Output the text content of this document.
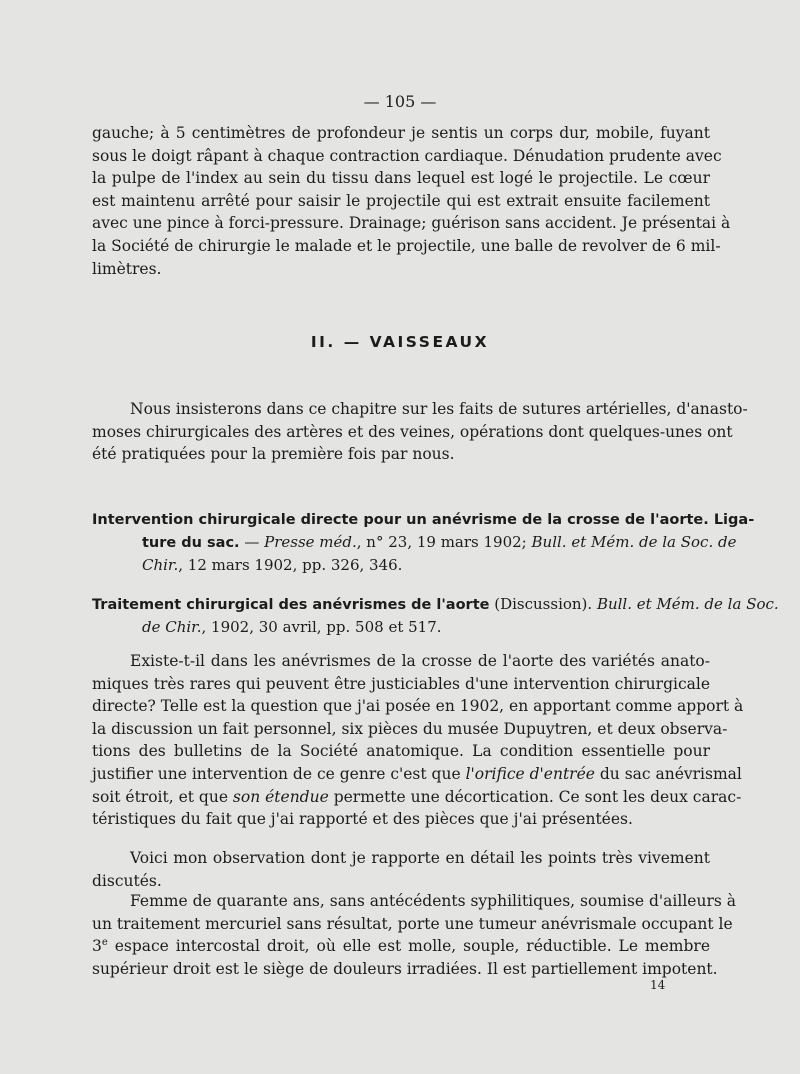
— 105 —
gauche; à 5 centimètres de profondeur je sentis un corps dur, mobile, fuyant
sous le doigt râpant à chaque contraction cardiaque. Dénudation prudente avec
la pulpe de l'index au sein du tissu dans lequel est logé le projectile. Le cœur
est maintenu arrêté pour saisir le projectile qui est extrait ensuite facilement
avec une pince à forci-pressure. Drainage; guérison sans accident. Je présentai à
la Société de chirurgie le malade et le projectile, une balle de revolver de 6 mil-
limètres.
II. — VAISSEAUX
Nous insisterons dans ce chapitre sur les faits de sutures artérielles, d'anasto-
moses chirurgicales des artères et des veines, opérations dont quelques-unes ont
été pratiquées pour la première fois par nous.
Intervention chirurgicale directe pour un anévrisme de la crosse de l'aorte. Liga-
ture du sac. — Presse méd., n° 23, 19 mars 1902; Bull. et Mém. de la Soc. de
Chir., 12 mars 1902, pp. 326, 346.
Traitement chirurgical des anévrismes de l'aorte (Discussion). Bull. et Mém. de la Soc.
de Chir., 1902, 30 avril, pp. 508 et 517.
Existe-t-il dans les anévrismes de la crosse de l'aorte des variétés anato-
miques très rares qui peuvent être justiciables d'une intervention chirurgicale
directe? Telle est la question que j'ai posée en 1902, en apportant comme apport à
la discussion un fait personnel, six pièces du musée Dupuytren, et deux observa-
tions des bulletins de la Société anatomique. La condition essentielle pour
justifier une intervention de ce genre c'est que l'orifice d'entrée du sac anévrismal
soit étroit, et que son étendue permette une décortication. Ce sont les deux carac-
téristiques du fait que j'ai rapporté et des pièces que j'ai présentées.
Voici mon observation dont je rapporte en détail les points très vivement
discutés.
Femme de quarante ans, sans antécédents syphilitiques, soumise d'ailleurs à
un traitement mercuriel sans résultat, porte une tumeur anévrismale occupant le
3e espace intercostal droit, où elle est molle, souple, réductible. Le membre
supérieur droit est le siège de douleurs irradiées. Il est partiellement impotent.
14
